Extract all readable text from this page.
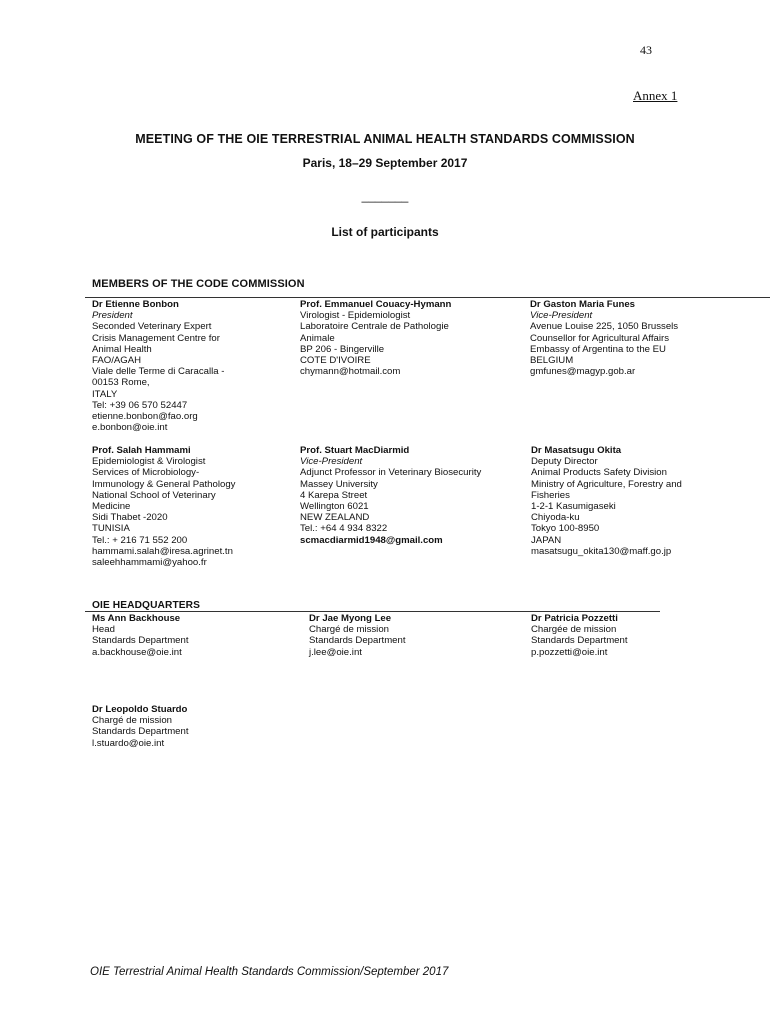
43
Annex 1
MEETING OF THE OIE TERRESTRIAL ANIMAL HEALTH STANDARDS COMMISSION
Paris, 18–29 September 2017
_______
List of participants
MEMBERS OF THE CODE COMMISSION
Dr Etienne Bonbon
President
Seconded Veterinary Expert
Crisis Management Centre for
Animal Health
FAO/AGAH
Viale delle Terme di Caracalla -
00153 Rome,
ITALY
Tel: +39 06 570 52447
etienne.bonbon@fao.org
e.bonbon@oie.int
Prof. Emmanuel Couacy-Hymann
Virologist - Epidemiologist
Laboratoire Centrale de Pathologie
Animale
BP 206 - Bingerville
COTE D'IVOIRE
chymann@hotmail.com
Dr Gaston Maria Funes
Vice-President
Avenue Louise 225, 1050 Brussels
Counsellor for Agricultural Affairs
Embassy of Argentina to the EU
BELGIUM
gmfunes@magyp.gob.ar
Prof. Salah Hammami
Epidemiologist & Virologist
Services of Microbiology-
Immunology & General Pathology
National School of Veterinary
Medicine
Sidi Thabet -2020
TUNISIA
Tel.: + 216 71 552 200
hammami.salah@iresa.agrinet.tn
saleehhammami@yahoo.fr
Prof. Stuart MacDiarmid
Vice-President
Adjunct Professor in Veterinary Biosecurity
Massey University
4 Karepa Street
Wellington 6021
NEW ZEALAND
Tel.: +64 4 934 8322
scmacdiarmid1948@gmail.com
Dr Masatsugu Okita
Deputy Director
Animal Products Safety Division
Ministry of Agriculture, Forestry and
Fisheries
1-2-1 Kasumigaseki
Chiyoda-ku
Tokyo 100-8950
JAPAN
masatsugu_okita130@maff.go.jp
OIE HEADQUARTERS
Ms Ann Backhouse
Head
Standards Department
a.backhouse@oie.int
Dr Jae Myong Lee
Chargé de mission
Standards Department
j.lee@oie.int
Dr Patricia Pozzetti
Chargée de mission
Standards Department
p.pozzetti@oie.int
Dr Leopoldo Stuardo
Chargé de mission
Standards Department
l.stuardo@oie.int
OIE Terrestrial Animal Health Standards Commission/September 2017
